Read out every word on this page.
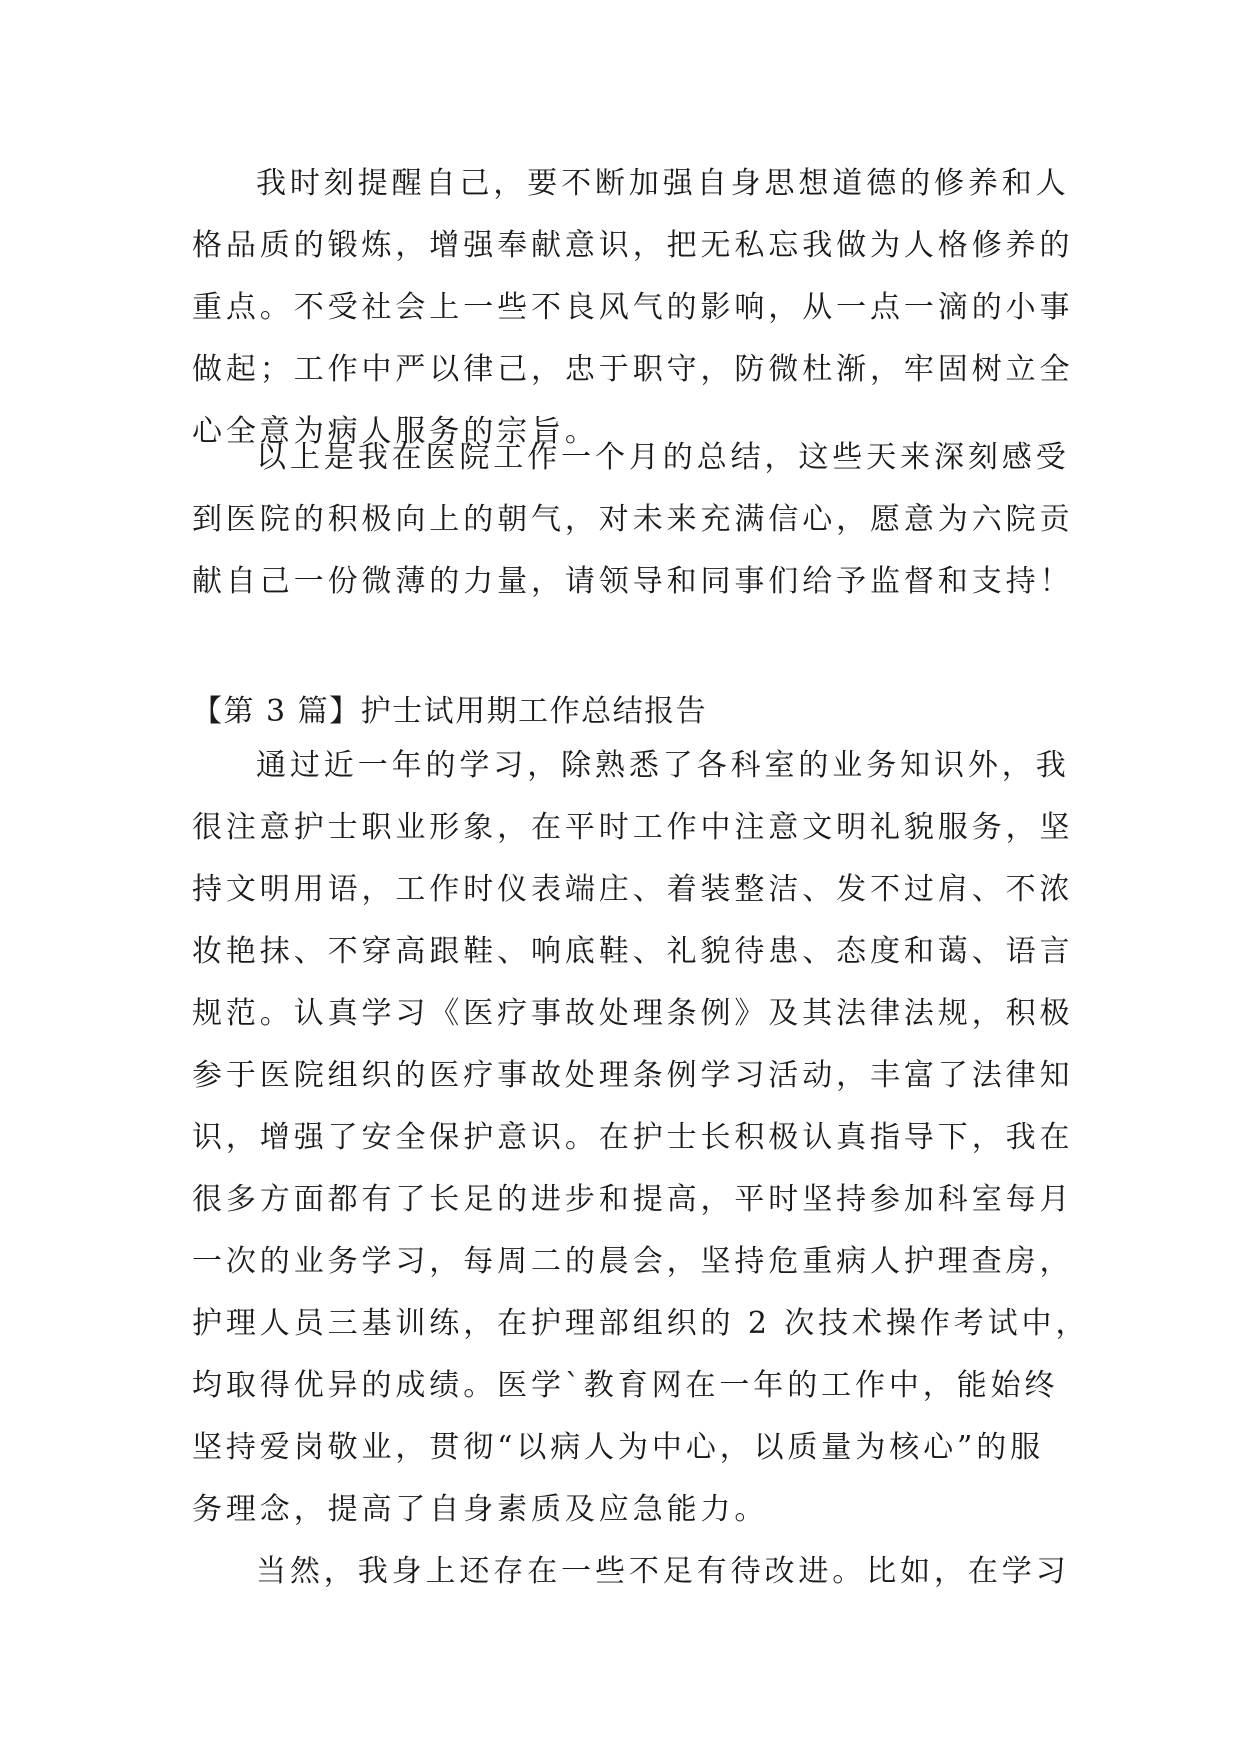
我时刻提醒自己，要不断加强自身思想道德的修养和人
格品质的锻炼，增强奉献意识，把无私忘我做为人格修养的
重点。不受社会上一些不良风气的影响，从一点一滴的小事
做起；工作中严以律己，忠于职守，防微杜渐，牢固树立全
心全意为病人服务的宗旨。
以上是我在医院工作一个月的总结，这些天来深刻感受
到医院的积极向上的朝气，对未来充满信心，愿意为六院贡
献自己一份微薄的力量，请领导和同事们给予监督和支持！
【第 3 篇】护士试用期工作总结报告
通过近一年的学习，除熟悉了各科室的业务知识外，我
很注意护士职业形象，在平时工作中注意文明礼貌服务，坚
持文明用语，工作时仪表端庄、着装整洁、发不过肩、不浓
妆艳抹、不穿高跟鞋、响底鞋、礼貌待患、态度和蔼、语言
规范。认真学习《医疗事故处理条例》及其法律法规，积极
参于医院组织的医疗事故处理条例学习活动，丰富了法律知
识，增强了安全保护意识。在护士长积极认真指导下，我在
很多方面都有了长足的进步和提高，平时坚持参加科室每月
一次的业务学习，每周二的晨会，坚持危重病人护理查房，
护理人员三基训练，在护理部组织的 2 次技术操作考试中，
均取得优异的成绩。医学`教育网在一年的工作中，能始终
坚持爱岗敬业，贯彻“以病人为中心，以质量为核心”的服
务理念，提高了自身素质及应急能力。
当然，我身上还存在一些不足有待改进。比如，在学习
